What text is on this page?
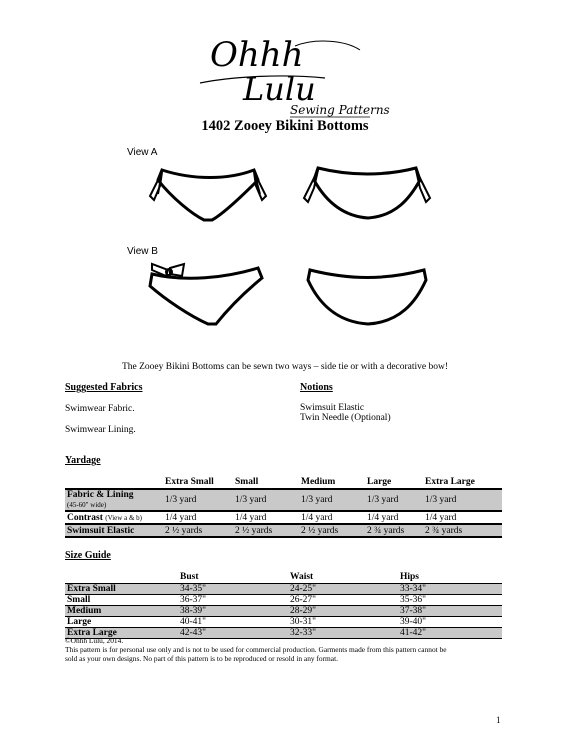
Ohhh
Lulu
Sewing Patterns
1402 Zooey Bikini Bottoms
View A
View B
The Zooey Bikini Bottoms can be sewn two ways – side tie or with a decorative bow!
Suggested Fabrics
Swimwear Fabric.
Swimwear Lining.
Notions
Swimsuit Elastic
Twin Needle (Optional)
Yardage
	Extra Small	Small	Medium	Large	Extra Large
Fabric & Lining
(45-60" wide)	1/3 yard	1/3 yard	1/3 yard	1/3 yard	1/3 yard
Contrast (View a & b)	1/4 yard	1/4 yard	1/4 yard	1/4 yard	1/4 yard
Swimsuit Elastic	2 ½ yards	2 ½ yards	2 ½ yards	2 ¾ yards	2 ¾ yards
Size Guide
	Bust	Waist	Hips
Extra Small	34-35"	24-25"	33-34"
Small	36-37"	26-27"	35-36"
Medium	38-39"	28-29"	37-38"
Large	40-41"	30-31"	39-40"
Extra Large	42-43"	32-33"	41-42"
©Ohhh Lulu, 2014.
This pattern is for personal use only and is not to be used for commercial production. Garments made from this pattern cannot be
sold as your own designs. No part of this pattern is to be reproduced or resold in any format.
1
